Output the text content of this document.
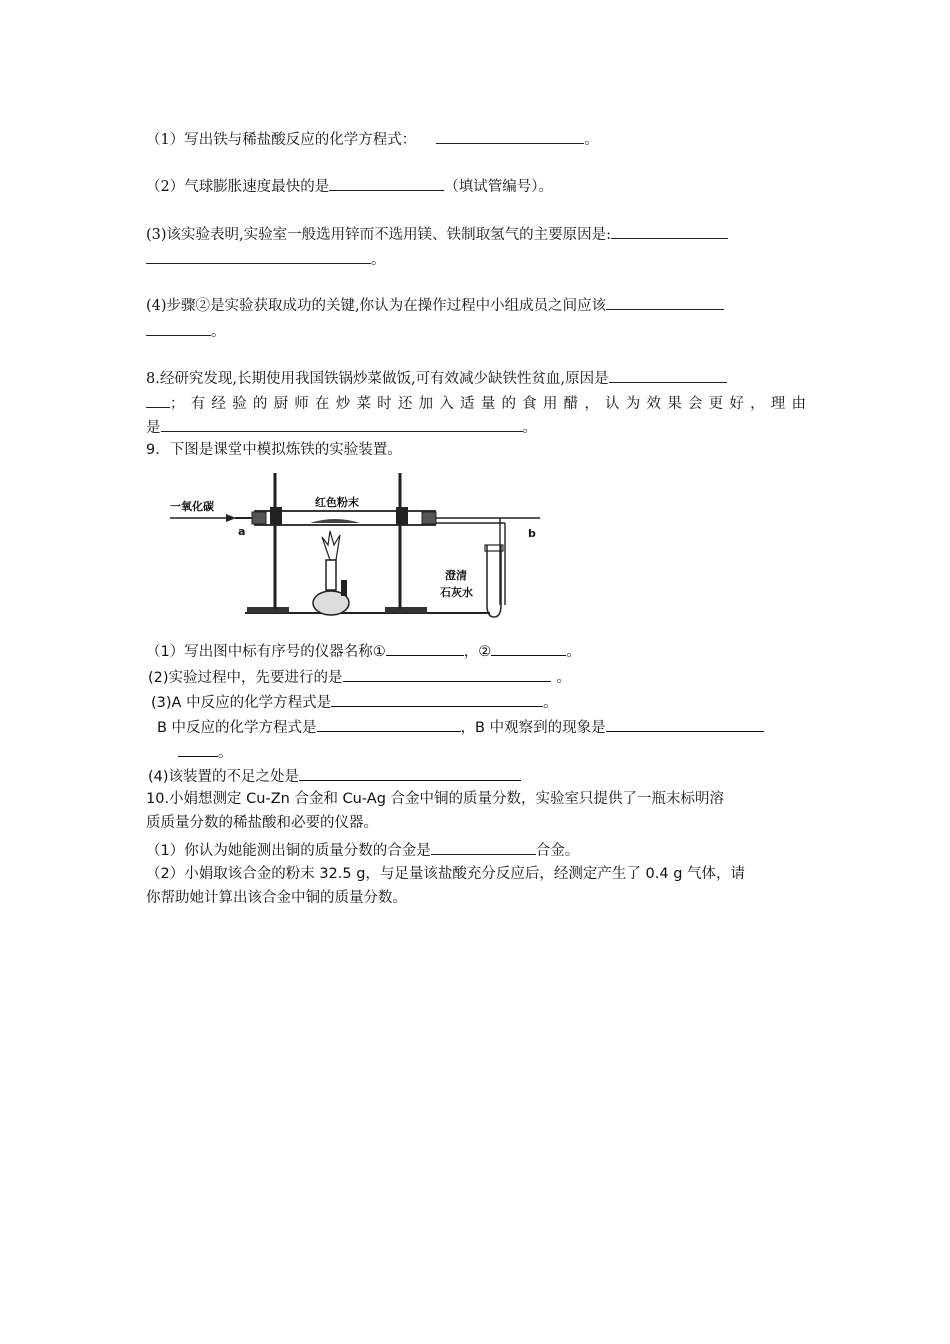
（1）写出铁与稀盐酸反应的化学方程式：	。
（2）气球膨胀速度最快的是	（填试管编号）。
(3)该实验表明,实验室一般选用锌而不选用镁、铁制取氢气的主要原因是:
。
(4)步骤②是实验获取成功的关键,你认为在操作过程中小组成员之间应该
。
8.经研究发现,长期使用我国铁锅炒菜做饭,可有效减少缺铁性贫血,原因是
；有经验的厨师在炒菜时还加入适量的食用醋，认为效果会更好，理由
是	。
9．下图是课堂中模拟炼铁的实验装置。
一氧化碳
a
红色粉末
b
澄清
石灰水
（1）写出图中标有序号的仪器名称①	，②	。
(2)实验过程中，先要进行的是	。
(3)A 中反应的化学方程式是	。
B 中反应的化学方程式是	，B 中观察到的现象是
。
(4)该装置的不足之处是
10.小娟想测定 Cu-Zn 合金和 Cu-Ag 合金中铜的质量分数，实验室只提供了一瓶末标明溶
质质量分数的稀盐酸和必要的仪器。
（1）你认为她能测出铜的质量分数的合金是	合金。
（2）小娟取该合金的粉末 32.5 g，与足量该盐酸充分反应后，经测定产生了 0.4 g 气体，请
你帮助她计算出该合金中铜的质量分数。
